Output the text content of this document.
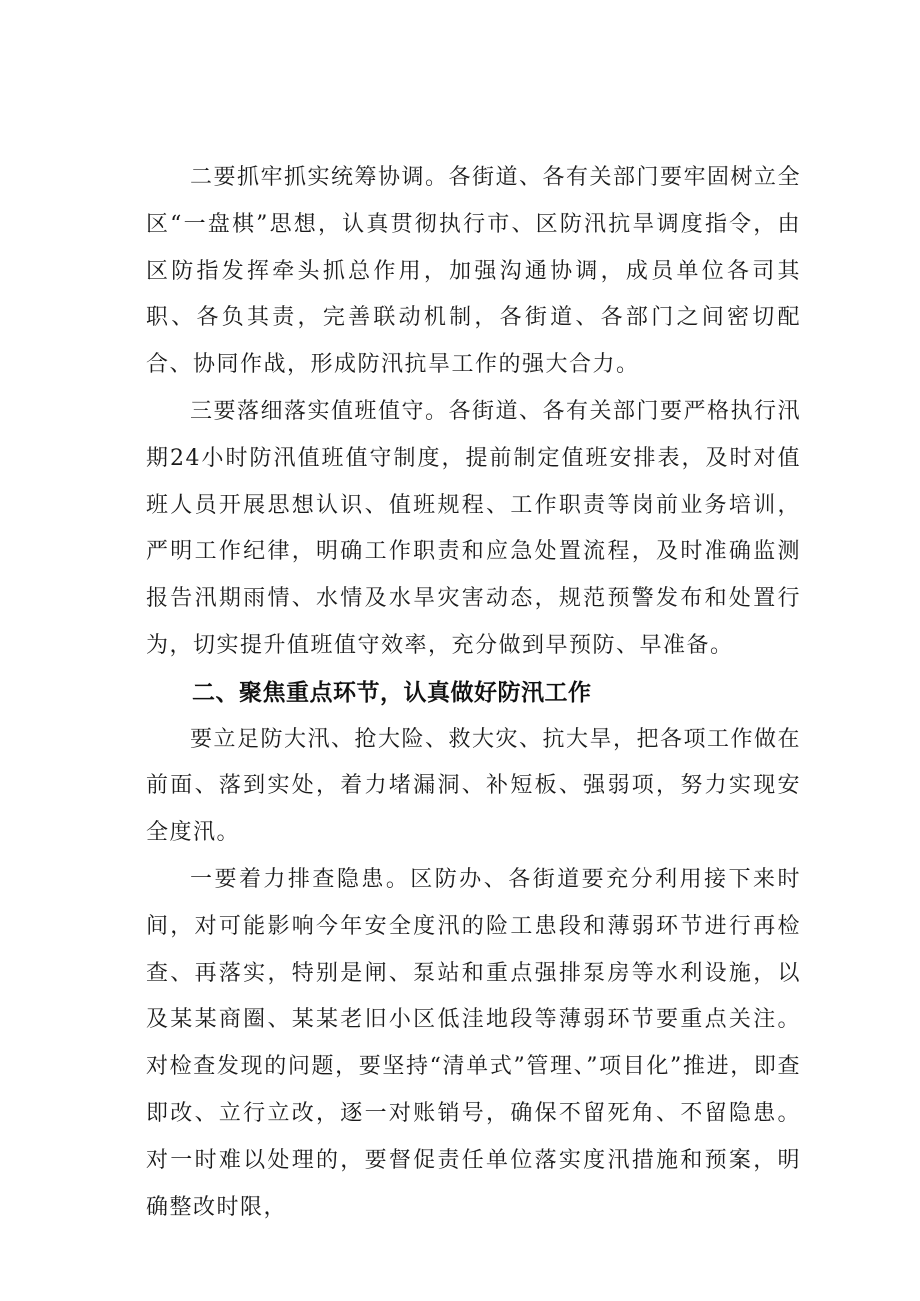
二要抓牢抓实统筹协调。各街道、各有关部门要牢固树立全区“一盘棋”思想，认真贯彻执行市、区防汛抗旱调度指令，由区防指发挥牵头抓总作用，加强沟通协调，成员单位各司其职、各负其责，完善联动机制，各街道、各部门之间密切配合、协同作战，形成防汛抗旱工作的强大合力。

三要落细落实值班值守。各街道、各有关部门要严格执行汛期24小时防汛值班值守制度，提前制定值班安排表，及时对值班人员开展思想认识、值班规程、工作职责等岗前业务培训，严明工作纪律，明确工作职责和应急处置流程，及时准确监测报告汛期雨情、水情及水旱灾害动态，规范预警发布和处置行为，切实提升值班值守效率，充分做到早预防、早准备。

二、聚焦重点环节，认真做好防汛工作

要立足防大汛、抢大险、救大灾、抗大旱，把各项工作做在前面、落到实处，着力堵漏洞、补短板、强弱项，努力实现安全度汛。

一要着力排查隐患。区防办、各街道要充分利用接下来时间，对可能影响今年安全度汛的险工患段和薄弱环节进行再检查、再落实，特别是闸、泵站和重点强排泵房等水利设施，以及某某商圈、某某老旧小区低洼地段等薄弱环节要重点关注。对检查发现的问题，要坚持“清单式”管理、”项目化”推进，即查即改、立行立改，逐一对账销号，确保不留死角、不留隐患。对一时难以处理的，要督促责任单位落实度汛措施和预案，明确整改时限，
